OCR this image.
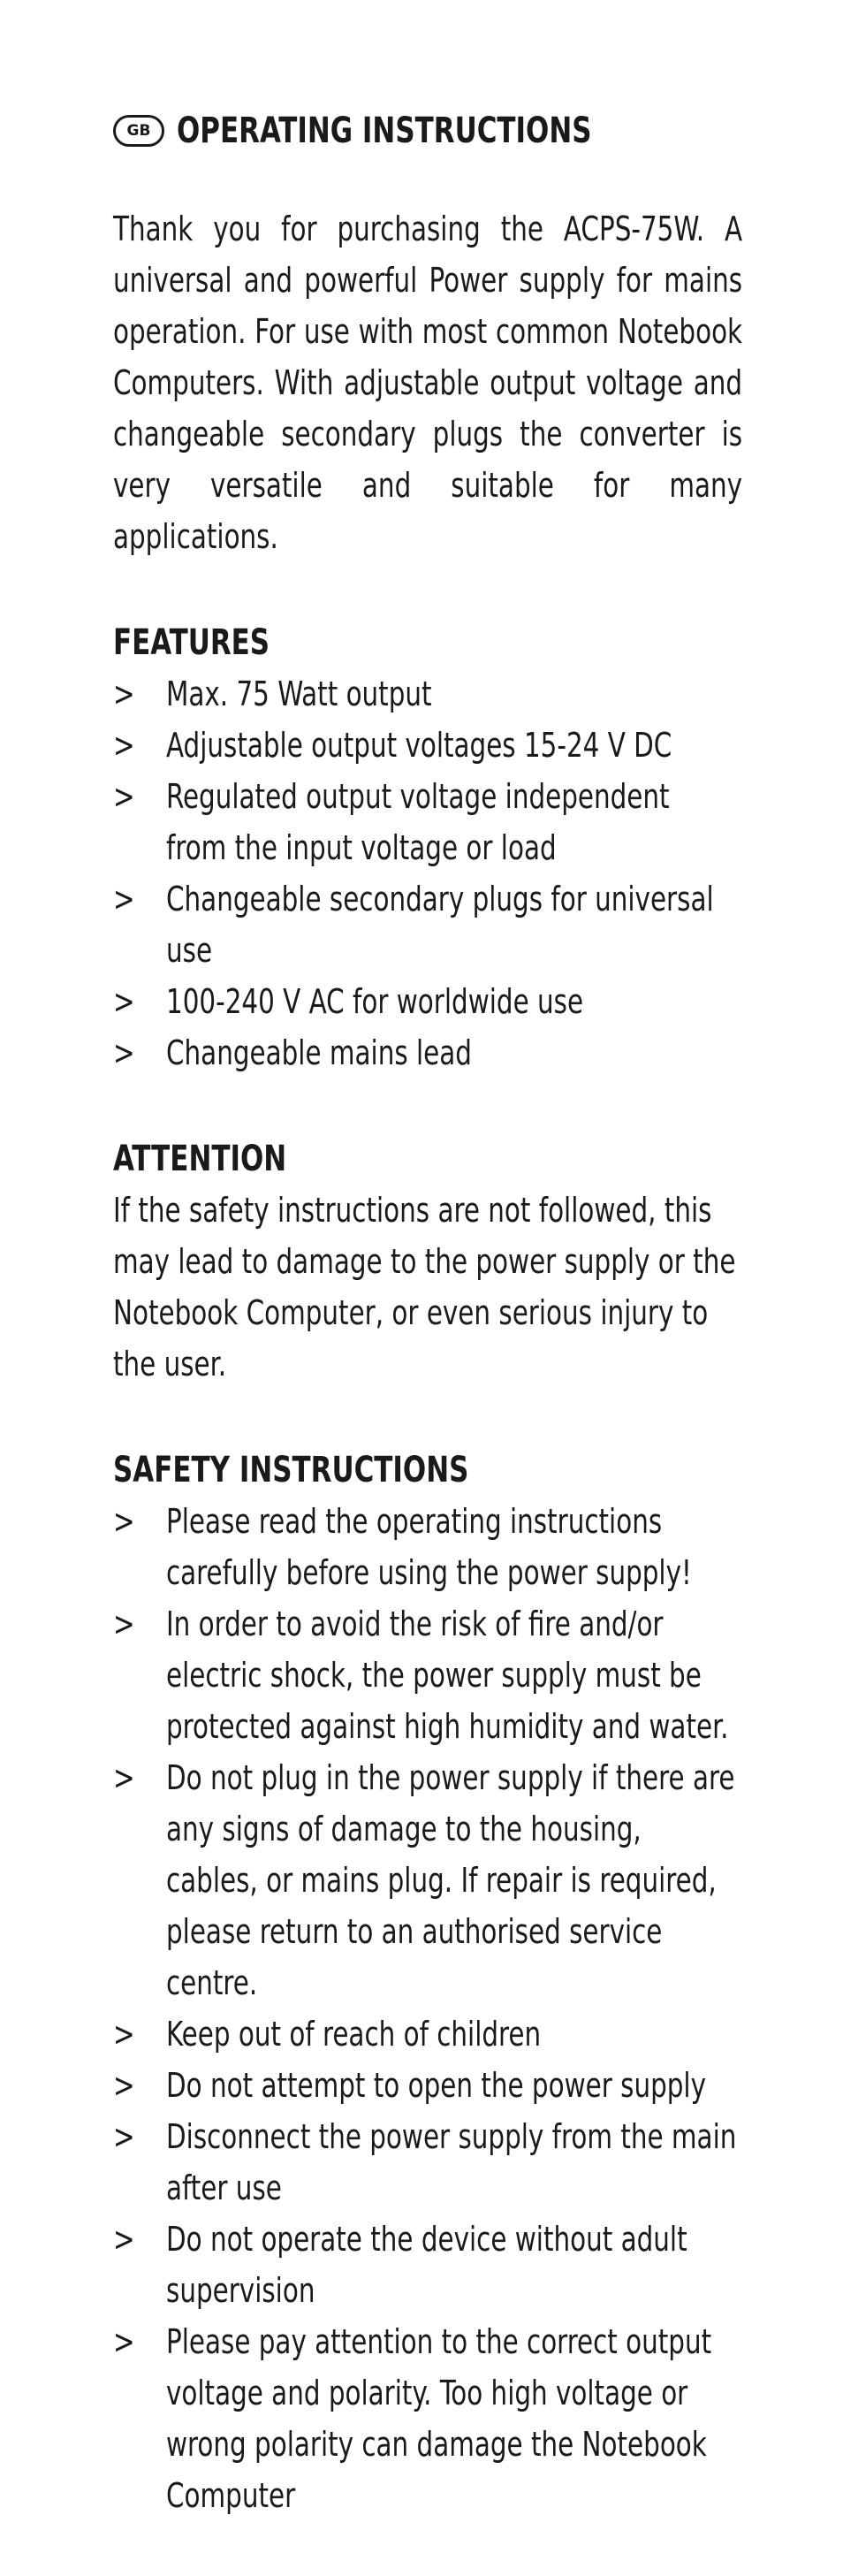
GB OPERATING INSTRUCTIONS
Thank you for purchasing the ACPS-75W. A universal and powerful Power supply for mains operation. For use with most common Notebook Computers. With adjustable output voltage and changeable secondary plugs the converter is very versatile and suitable for many applications.
FEATURES
> Max. 75 Watt output
> Adjustable output voltages 15-24 V DC
> Regulated output voltage independent from the input voltage or load
> Changeable secondary plugs for universal use
> 100-240 V AC for worldwide use
> Changeable mains lead
ATTENTION
If the safety instructions are not followed, this may lead to damage to the power supply or the Notebook Computer, or even serious injury to the user.
SAFETY INSTRUCTIONS
> Please read the operating instructions carefully before using the power supply!
> In order to avoid the risk of fire and/or electric shock, the power supply must be protected against high humidity and water.
> Do not plug in the power supply if there are any signs of damage to the housing, cables, or mains plug. If repair is required, please return to an authorised service centre.
> Keep out of reach of children
> Do not attempt to open the power supply
> Disconnect the power supply from the main after use
> Do not operate the device without adult supervision
> Please pay attention to the correct output voltage and polarity. Too high voltage or wrong polarity can damage the Notebook Computer
